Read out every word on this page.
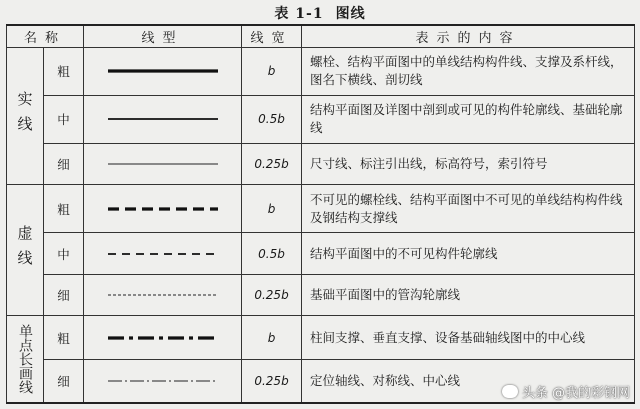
表 1-1 图线
名称		线型	线宽	表示的内容
实线	粗		b	螺栓、结构平面图中的单线结构构件线、支撑及系杆线，图名下横线、剖切线
	中		0.5b	结构平面图及详图中剖到或可见的构件轮廓线、基础轮廓线
	细		0.25b	尺寸线、标注引出线，标高符号，索引符号
虚线	粗		b	不可见的螺栓线、结构平面图中不可见的单线结构构件线及钢结构支撑线
	中		0.5b	结构平面图中的不可见构件轮廓线
	细		0.25b	基础平面图中的管沟轮廓线
单点长画线	粗		b	柱间支撑、垂直支撑、设备基础轴线图中的中心线
	细		0.25b	定位轴线、对称线、中心线
头条 @我的彩钢网
